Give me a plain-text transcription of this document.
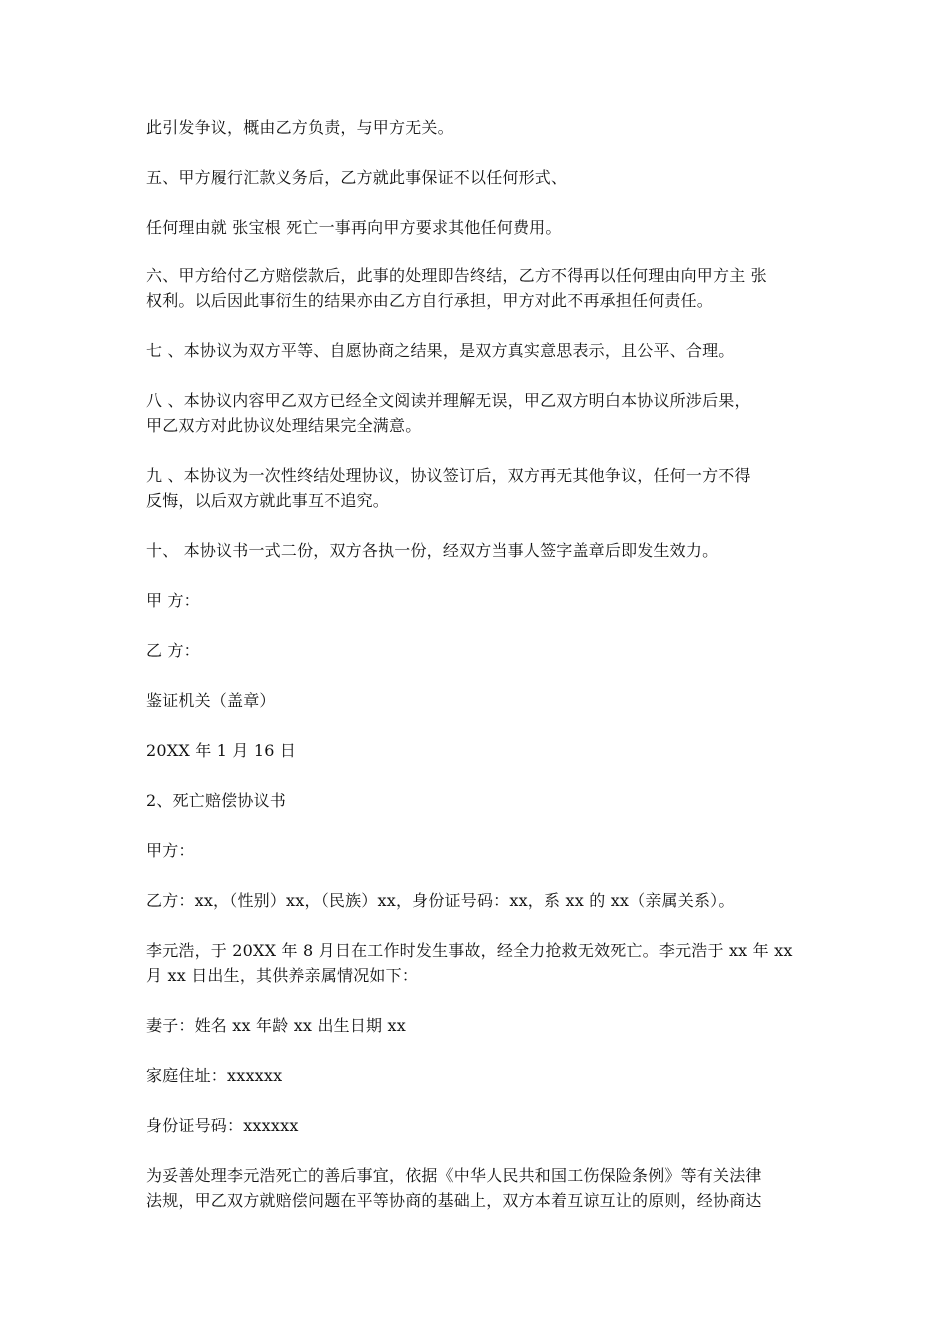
此引发争议，概由乙方负责，与甲方无关。
五、甲方履行汇款义务后，乙方就此事保证不以任何形式、
任何理由就 张宝根 死亡一事再向甲方要求其他任何费用。
六、甲方给付乙方赔偿款后，此事的处理即告终结，乙方不得再以任何理由向甲方主 张
权利。以后因此事衍生的结果亦由乙方自行承担，甲方对此不再承担任何责任。
七 、本协议为双方平等、自愿协商之结果，是双方真实意思表示，且公平、合理。
八 、本协议内容甲乙双方已经全文阅读并理解无误，甲乙双方明白本协议所涉后果，
甲乙双方对此协议处理结果完全满意。
九 、本协议为一次性终结处理协议，协议签订后，双方再无其他争议，任何一方不得
反悔，以后双方就此事互不追究。
十、 本协议书一式二份，双方各执一份，经双方当事人签字盖章后即发生效力。
甲 方：
乙 方：
鉴证机关（盖章）
20XX 年 1 月 16 日
2、死亡赔偿协议书
甲方：
乙方：xx，（性别）xx，（民族）xx，身份证号码：xx，系 xx 的 xx（亲属关系）。
李元浩，于 20XX 年 8 月日在工作时发生事故，经全力抢救无效死亡。李元浩于 xx 年 xx
月 xx 日出生，其供养亲属情况如下：
妻子：姓名 xx 年龄 xx 出生日期 xx
家庭住址：xxxxxx
身份证号码：xxxxxx
为妥善处理李元浩死亡的善后事宜，依据《中华人民共和国工伤保险条例》等有关法律
法规，甲乙双方就赔偿问题在平等协商的基础上，双方本着互谅互让的原则，经协商达
